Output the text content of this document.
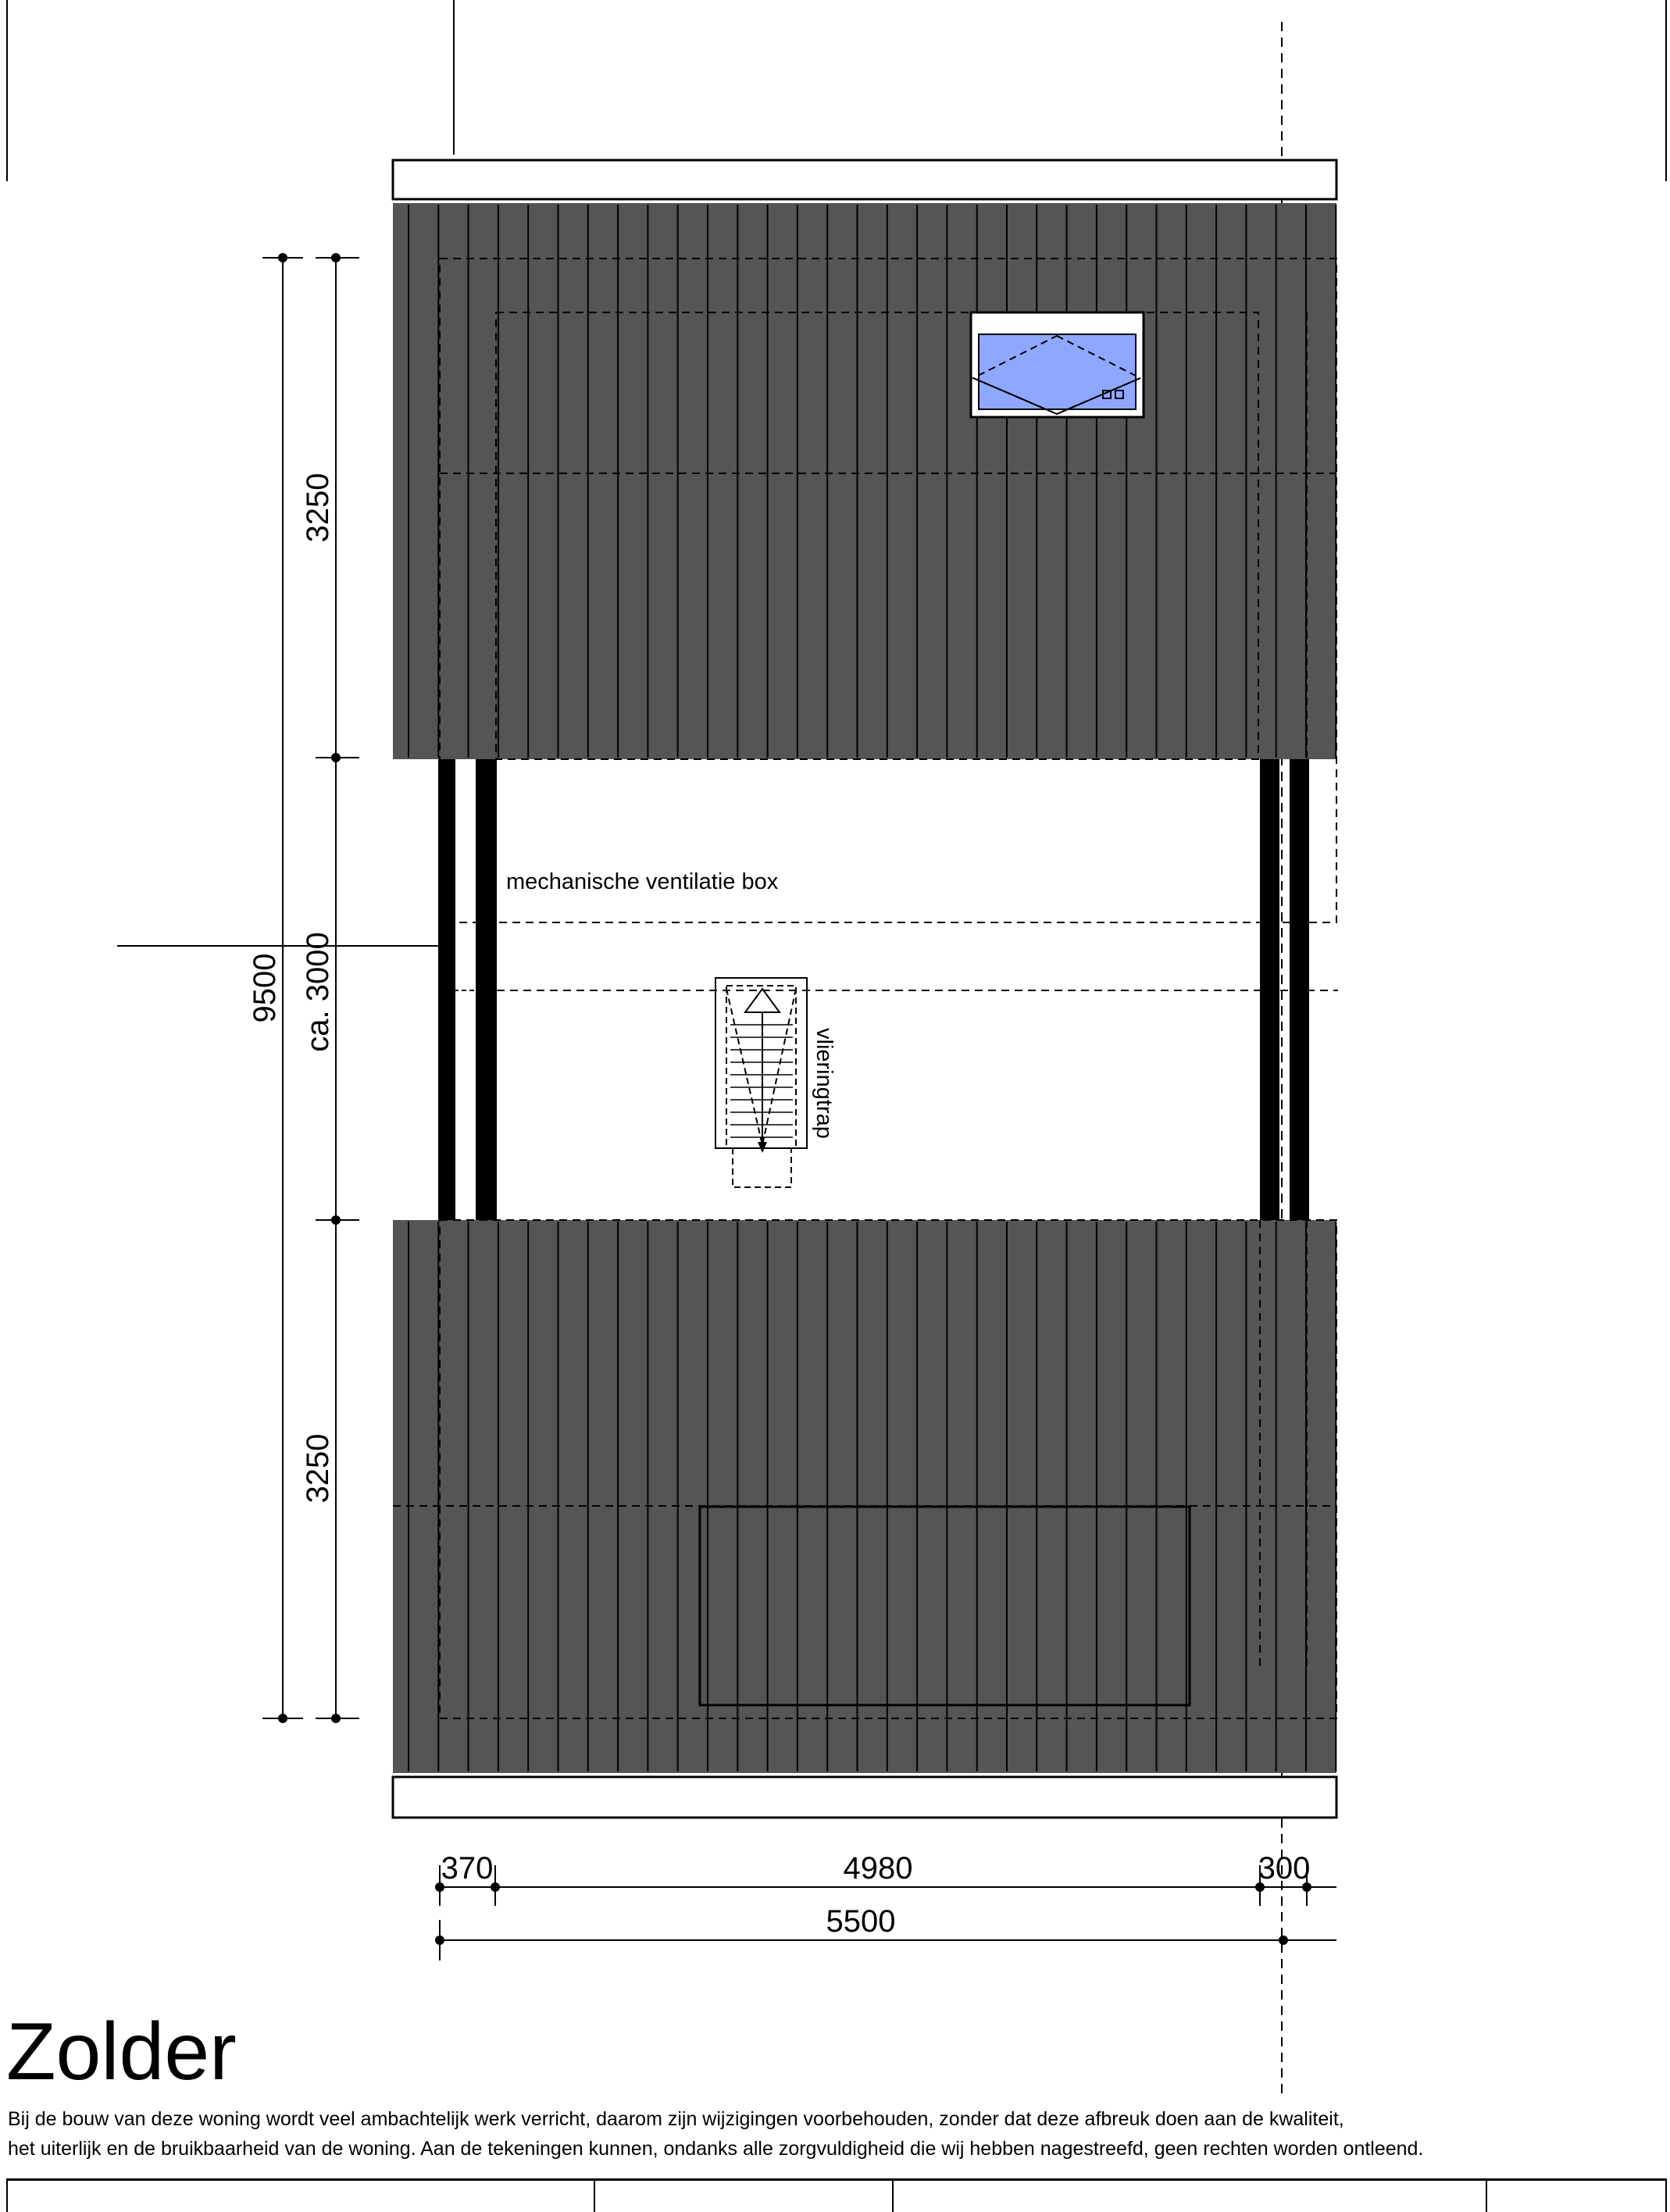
9500
3250
ca. 3000
3250
370	4980	300
5500
mechanische ventilatie box
vlieringtrap
Zolder
Bij de bouw van deze woning wordt veel ambachtelijk werk verricht, daarom zijn wijzigingen voorbehouden, zonder dat deze afbreuk doen aan de kwaliteit,
het uiterlijk en de bruikbaarheid van de woning. Aan de tekeningen kunnen, ondanks alle zorgvuldigheid die wij hebben nagestreefd, geen rechten worden ontleend.
